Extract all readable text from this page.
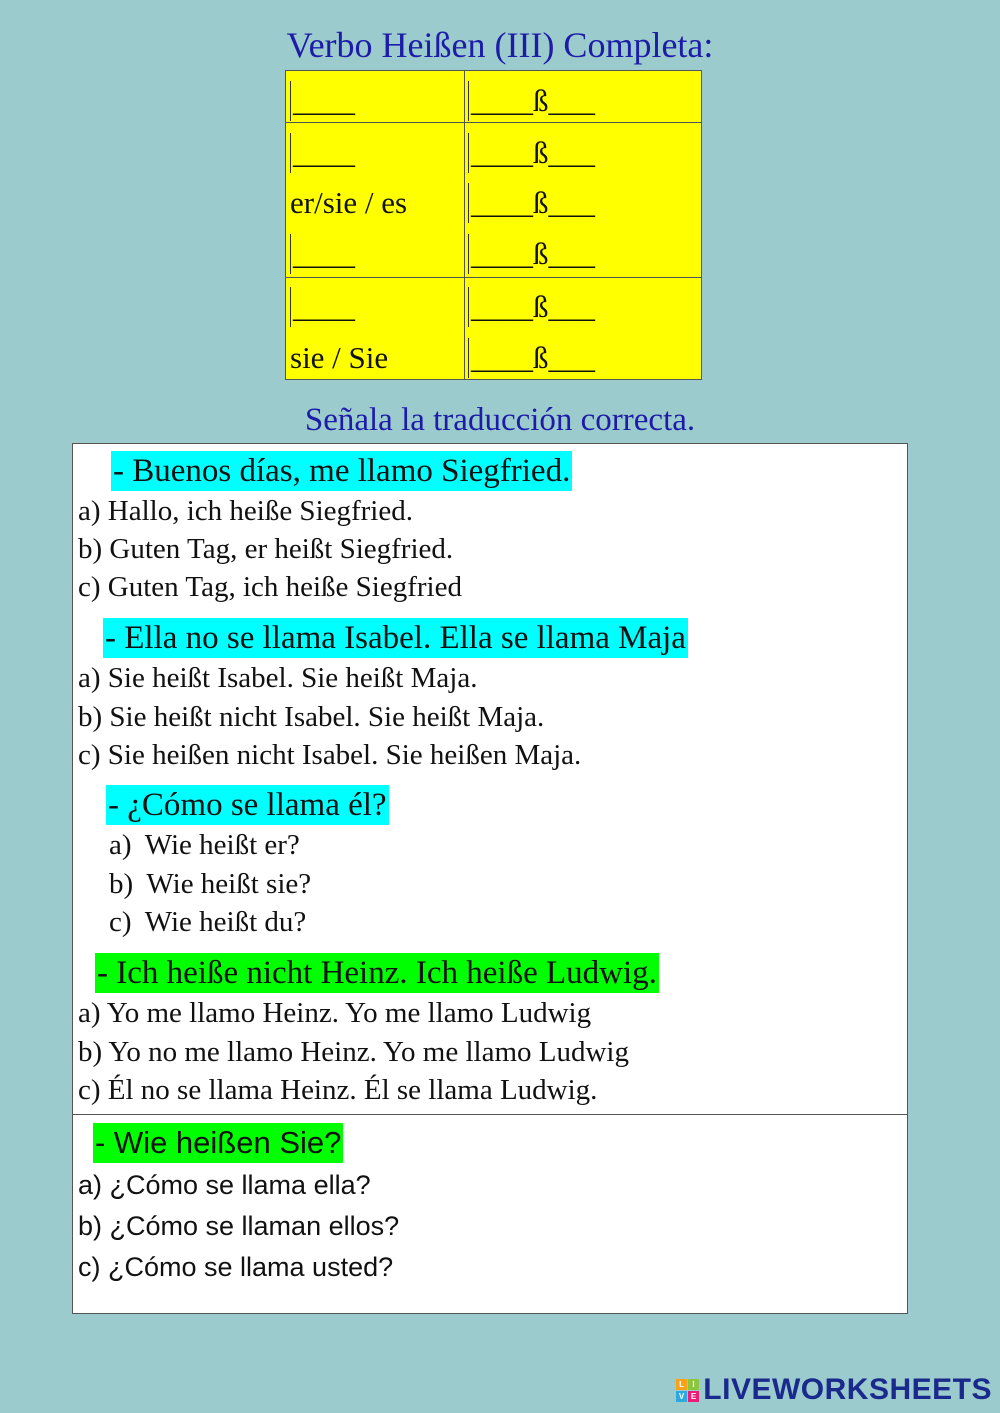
Verbo Heißen (III) Completa:
____	____ß___
____	____ß___
er/sie / es ____ß___
____	____ß___
____	____ß___
sie / Sie	____ß___
Señala la traducción correcta.
- Buenos días, me llamo Siegfried.
a) Hallo, ich heiße Siegfried.
b) Guten Tag, er heißt Siegfried.
c) Guten Tag, ich heiße Siegfried
- Ella no se llama Isabel. Ella se llama Maja
a) Sie heißt Isabel. Sie heißt Maja.
b) Sie heißt nicht Isabel. Sie heißt Maja.
c) Sie heißen nicht Isabel. Sie heißen Maja.
- ¿Cómo se llama él?
a) Wie heißt er?
b) Wie heißt sie?
c) Wie heißt du?
- Ich heiße nicht Heinz. Ich heiße Ludwig.
a) Yo me llamo Heinz. Yo me llamo Ludwig
b) Yo no me llamo Heinz. Yo me llamo Ludwig
c) Él no se llama Heinz. Él se llama Ludwig.
- Wie heißen Sie?
a) ¿Cómo se llama ella?
b) ¿Cómo se llaman ellos?
c) ¿Cómo se llama usted?
L I
V E LIVEWORKSHEETS
